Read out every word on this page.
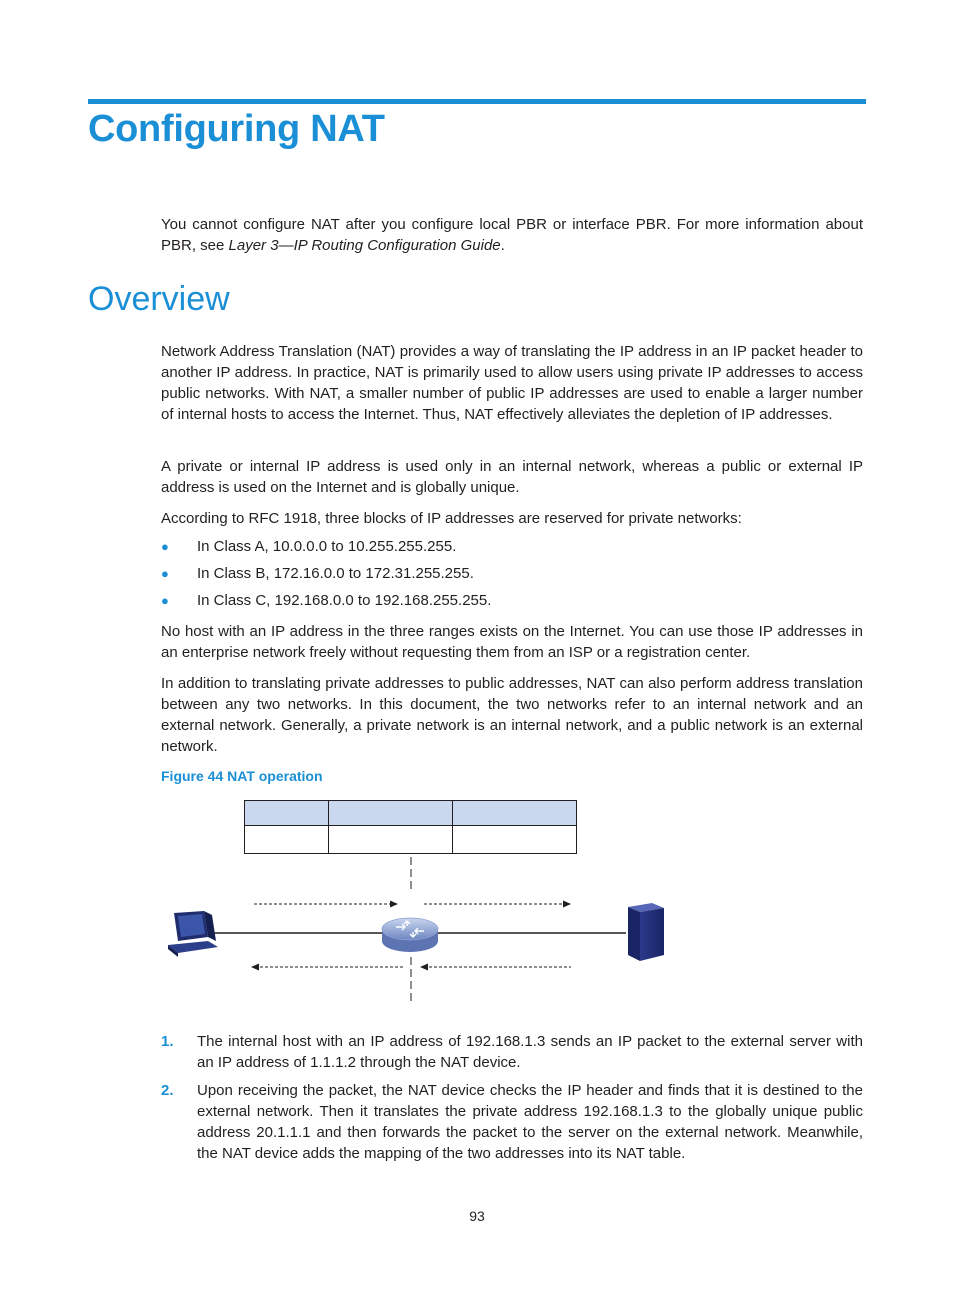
Configuring NAT

You cannot configure NAT after you configure local PBR or interface PBR. For more information about PBR, see Layer 3—IP Routing Configuration Guide.

Overview

Network Address Translation (NAT) provides a way of translating the IP address in an IP packet header to another IP address. In practice, NAT is primarily used to allow users using private IP addresses to access public networks. With NAT, a smaller number of public IP addresses are used to enable a larger number of internal hosts to access the Internet. Thus, NAT effectively alleviates the depletion of IP addresses.

A private or internal IP address is used only in an internal network, whereas a public or external IP address is used on the Internet and is globally unique.

According to RFC 1918, three blocks of IP addresses are reserved for private networks:

● In Class A, 10.0.0.0 to 10.255.255.255.
● In Class B, 172.16.0.0 to 172.31.255.255.
● In Class C, 192.168.0.0 to 192.168.255.255.

No host with an IP address in the three ranges exists on the Internet. You can use those IP addresses in an enterprise network freely without requesting them from an ISP or a registration center.

In addition to translating private addresses to public addresses, NAT can also perform address translation between any two networks. In this document, the two networks refer to an internal network and an external network. Generally, a private network is an internal network, and a public network is an external network.

Figure 44 NAT operation

1. The internal host with an IP address of 192.168.1.3 sends an IP packet to the external server with an IP address of 1.1.1.2 through the NAT device.
2. Upon receiving the packet, the NAT device checks the IP header and finds that it is destined to the external network. Then it translates the private address 192.168.1.3 to the globally unique public address 20.1.1.1 and then forwards the packet to the server on the external network. Meanwhile, the NAT device adds the mapping of the two addresses into its NAT table.

93
